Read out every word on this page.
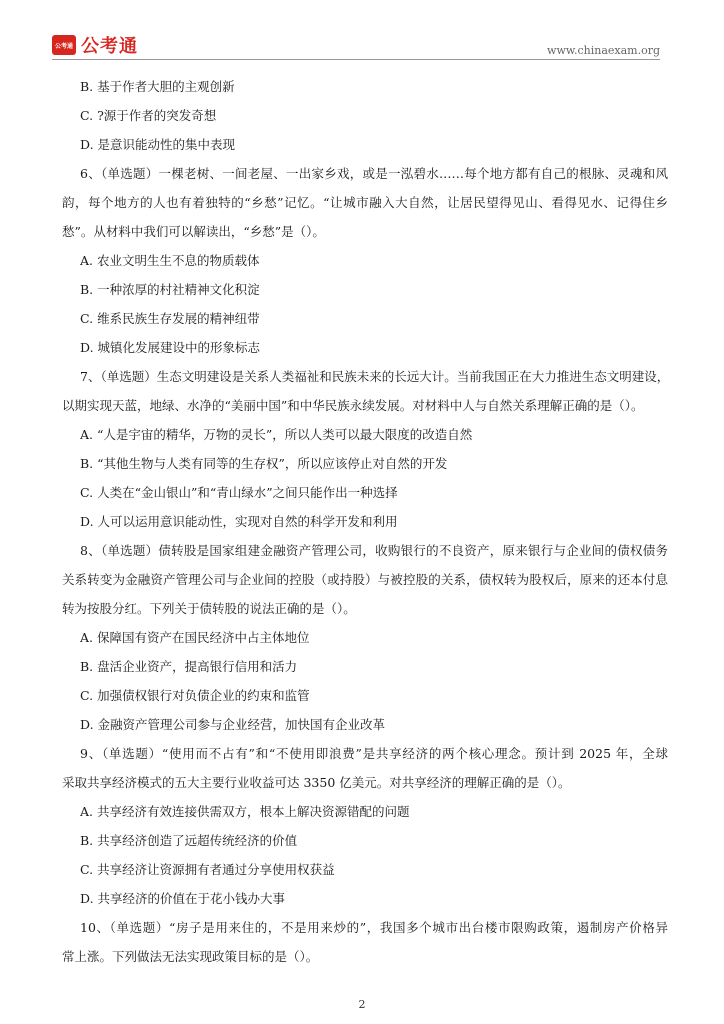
公考通 公考通	www.chinaexam.org
B. 基于作者大胆的主观创新
C. ?源于作者的突发奇想
D. 是意识能动性的集中表现
6、（单选题）一棵老树、一间老屋、一出家乡戏，或是一泓碧水……每个地方都有自己的根脉、灵魂和风
韵，每个地方的人也有着独特的“乡愁”记忆。“让城市融入大自然，让居民望得见山、看得见水、记得住乡
愁”。从材料中我们可以解读出，“乡愁”是（）。
A. 农业文明生生不息的物质载体
B. 一种浓厚的村社精神文化积淀
C. 维系民族生存发展的精神纽带
D. 城镇化发展建设中的形象标志
7、（单选题）生态文明建设是关系人类福祉和民族未来的长远大计。当前我国正在大力推进生态文明建设，
以期实现天蓝，地绿、水净的“美丽中国”和中华民族永续发展。对材料中人与自然关系理解正确的是（）。
A. “人是宇宙的精华，万物的灵长”，所以人类可以最大限度的改造自然
B. “其他生物与人类有同等的生存权”，所以应该停止对自然的开发
C. 人类在“金山银山”和“青山绿水”之间只能作出一种选择
D. 人可以运用意识能动性，实现对自然的科学开发和利用
8、（单选题）债转股是国家组建金融资产管理公司，收购银行的不良资产，原来银行与企业间的债权债务
关系转变为金融资产管理公司与企业间的控股（或持股）与被控股的关系，债权转为股权后，原来的还本付息
转为按股分红。下列关于债转股的说法正确的是（）。
A. 保障国有资产在国民经济中占主体地位
B. 盘活企业资产，提高银行信用和活力
C. 加强债权银行对负债企业的约束和监管
D. 金融资产管理公司参与企业经营，加快国有企业改革
9、（单选题）“使用而不占有”和“不使用即浪费”是共享经济的两个核心理念。预计到 2025 年，全球
采取共享经济模式的五大主要行业收益可达 3350 亿美元。对共享经济的理解正确的是（）。
A. 共享经济有效连接供需双方，根本上解决资源错配的问题
B. 共享经济创造了远超传统经济的价值
C. 共享经济让资源拥有者通过分享使用权获益
D. 共享经济的价值在于花小钱办大事
10、（单选题）“房子是用来住的，不是用来炒的”，我国多个城市出台楼市限购政策，遏制房产价格异
常上涨。下列做法无法实现政策目标的是（）。
2
